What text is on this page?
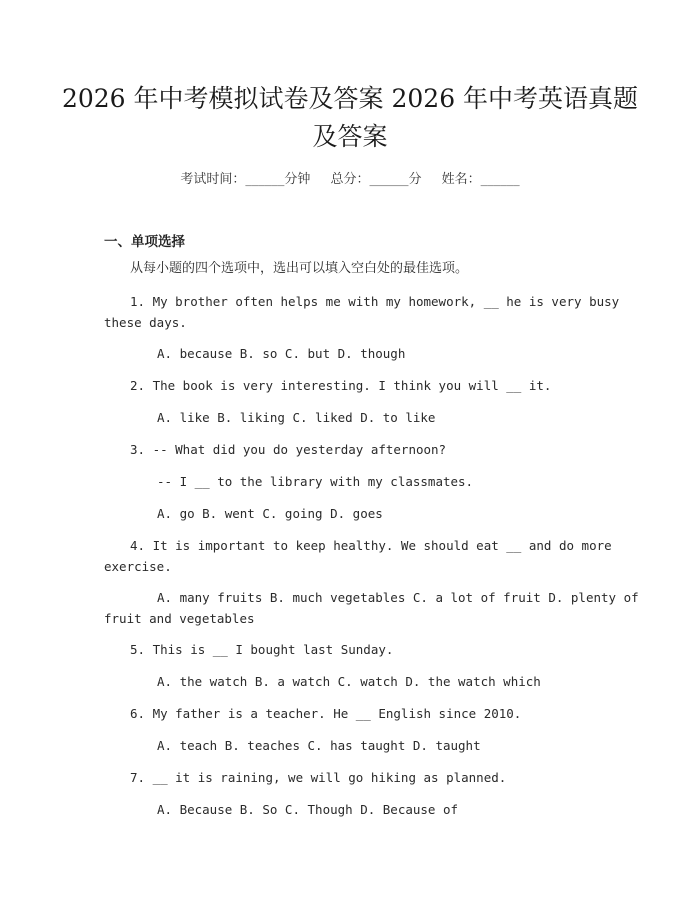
2026 年中考模拟试卷及答案 2026 年中考英语真题及答案
考试时间：______分钟 总分：______分 姓名：______
一、单项选择
从每小题的四个选项中，选出可以填入空白处的最佳选项。
1. My brother often helps me with my homework, __ he is very busy
these days.
A. because B. so C. but D. though
2. The book is very interesting. I think you will __ it.
A. like B. liking C. liked D. to like
3. -- What did you do yesterday afternoon?
-- I __ to the library with my classmates.
A. go B. went C. going D. goes
4. It is important to keep healthy. We should eat __ and do more
exercise.
A. many fruits B. much vegetables C. a lot of fruit D. plenty of
fruit and vegetables
5. This is __ I bought last Sunday.
A. the watch B. a watch C. watch D. the watch which
6. My father is a teacher. He __ English since 2010.
A. teach B. teaches C. has taught D. taught
7. __ it is raining, we will go hiking as planned.
A. Because B. So C. Though D. Because of
